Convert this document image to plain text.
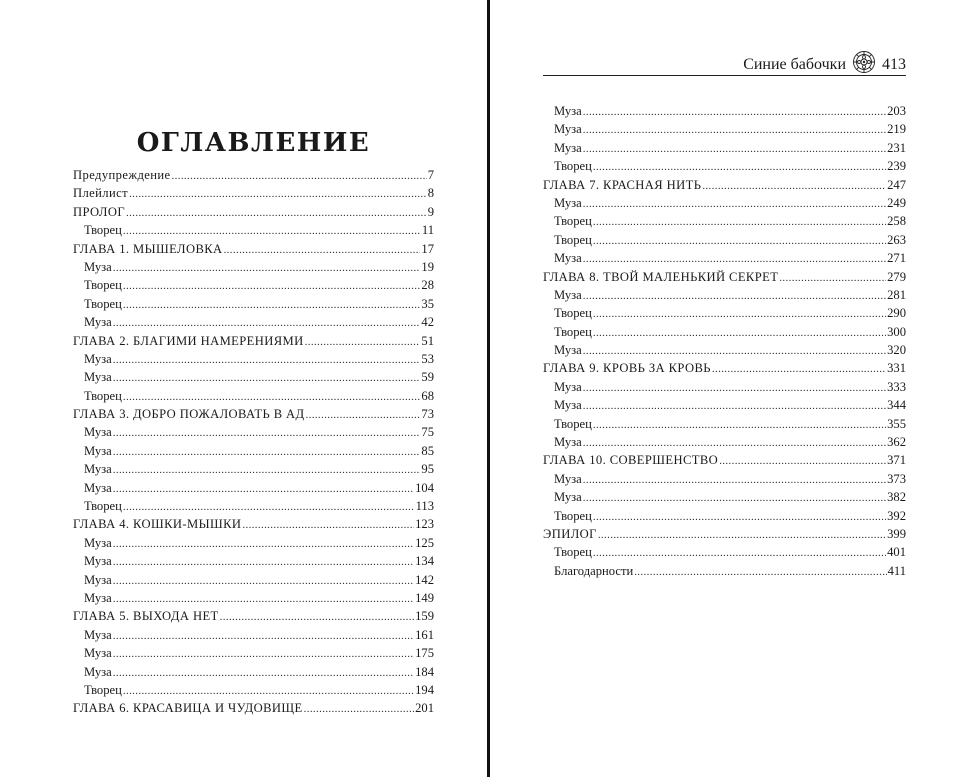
ОГЛАВЛЕНИЕ
Предупреждение . . .	7
Плейлист . . .	8
ПРОЛОГ . . .	9
Творец . . .	11
ГЛАВА 1. МЫШЕЛОВКА . . .	17
Муза . . .	19
Творец . . .	28
Творец . . .	35
Муза . . .	42
ГЛАВА 2. БЛАГИМИ НАМЕРЕНИЯМИ . . .	51
Муза . . .	53
Муза . . .	59
Творец . . .	68
ГЛАВА 3. ДОБРО ПОЖАЛОВАТЬ В АД . . .	73
Муза . . .	75
Муза . . .	85
Муза . . .	95
Муза . . .	104
Творец . . .	113
ГЛАВА 4. КОШКИ-МЫШКИ . . .	123
Муза . . .	125
Муза . . .	134
Муза . . .	142
Муза . . .	149
ГЛАВА 5. ВЫХОДА НЕТ . . .	159
Муза . . .	161
Муза . . .	175
Муза . . .	184
Творец . . .	194
ГЛАВА 6. КРАСАВИЦА И ЧУДОВИЩЕ . . .	201
Синие бабочки 413
Муза . . .	203
Муза . . .	219
Муза . . .	231
Творец . . .	239
ГЛАВА 7. КРАСНАЯ НИТЬ . . .	247
Муза . . .	249
Творец . . .	258
Творец . . .	263
Муза . . .	271
ГЛАВА 8. ТВОЙ МАЛЕНЬКИЙ СЕКРЕТ . . .	279
Муза . . .	281
Творец . . .	290
Творец . . .	300
Муза . . .	320
ГЛАВА 9. КРОВЬ ЗА КРОВЬ . . .	331
Муза . . .	333
Муза . . .	344
Творец . . .	355
Муза . . .	362
ГЛАВА 10. СОВЕРШЕНСТВО . . .	371
Муза . . .	373
Муза . . .	382
Творец . . .	392
ЭПИЛОГ . . .	399
Творец . . .	401
Благодарности . . .	411
